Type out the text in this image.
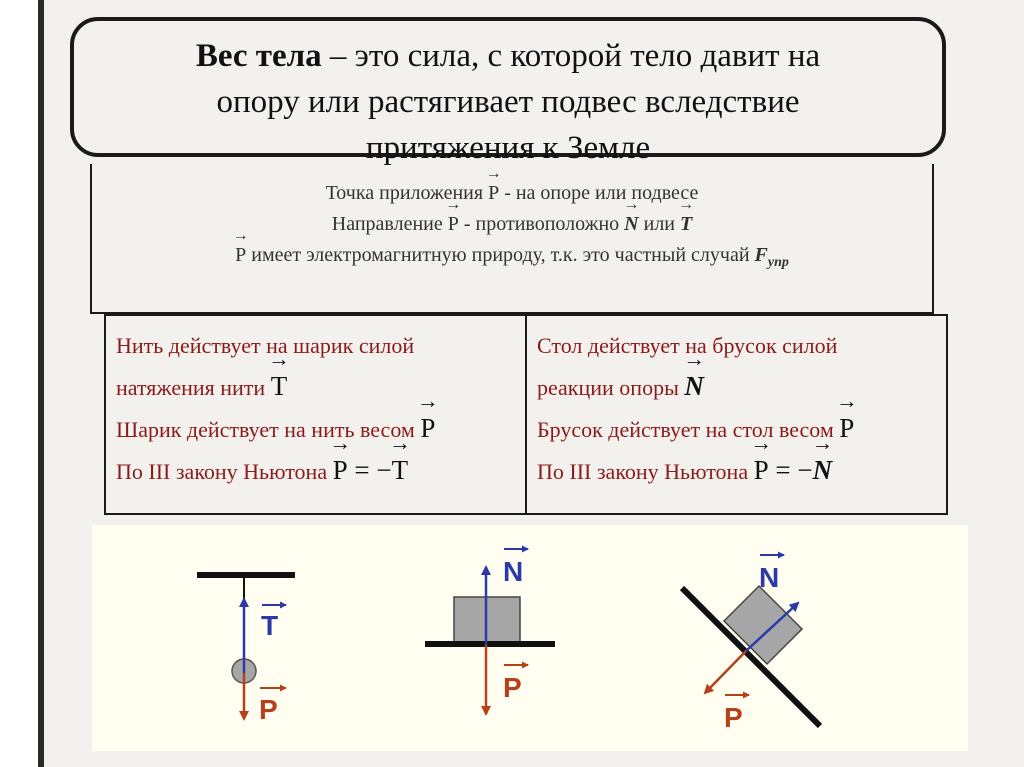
Вес тела – это сила, с которой тело давит на
опору или растягивает подвес вследствие
притяжения к Земле
Точка приложения → P - на опоре или подвесе
Направление → P - противоположно → N или → T
→ P имеет электромагнитную природу, т.к. это частный случай $F_{упр}$
Нить действует на шарик силой
натяжения нити → T
Шарик действует на нить весом → P
По III закону Ньютона → P = −→ T
Стол действует на брусок силой
реакции опоры → N
Брусок действует на стол весом → P
По III закону Ньютона → P = −→ N
T
P
N
P
N
P
